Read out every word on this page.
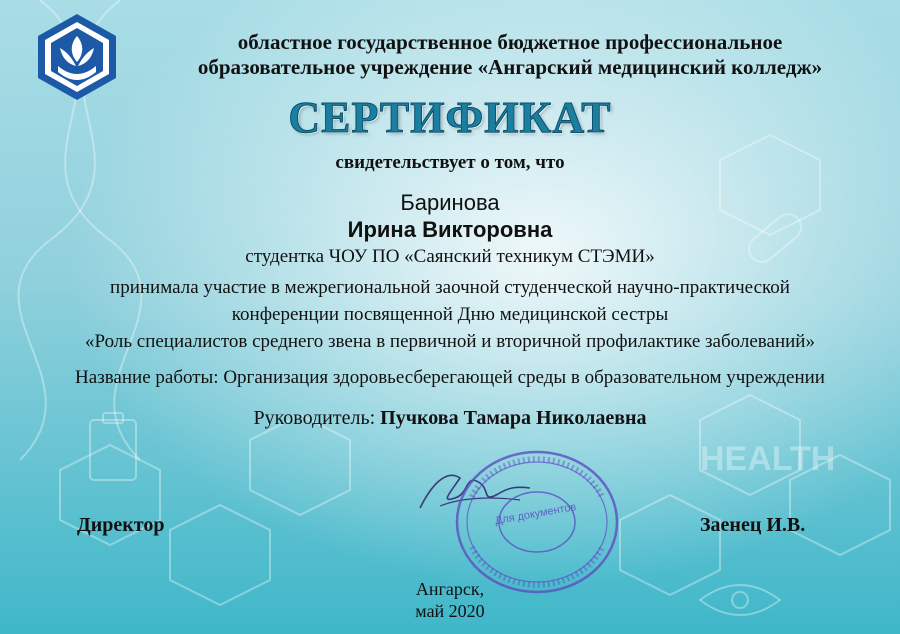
HEALTH
областное государственное бюджетное профессиональное
образовательное учреждение «Ангарский медицинский колледж»
СЕРТИФИКАТ
свидетельствует о том, что
Баринова
Ирина Викторовна
студентка ЧОУ ПО «Саянский техникум СТЭМИ»
принимала участие в межрегиональной заочной студенческой научно-практической
конференции посвященной Дню медицинской сестры
«Роль специалистов среднего звена в первичной и вторичной профилактике заболеваний»
Название работы: Организация здоровьесберегающей среды в образовательном учреждении
Руководитель: Пучкова Тамара Николаевна
Для документов
Директор	Заенец И.В.
Ангарск,
май 2020
